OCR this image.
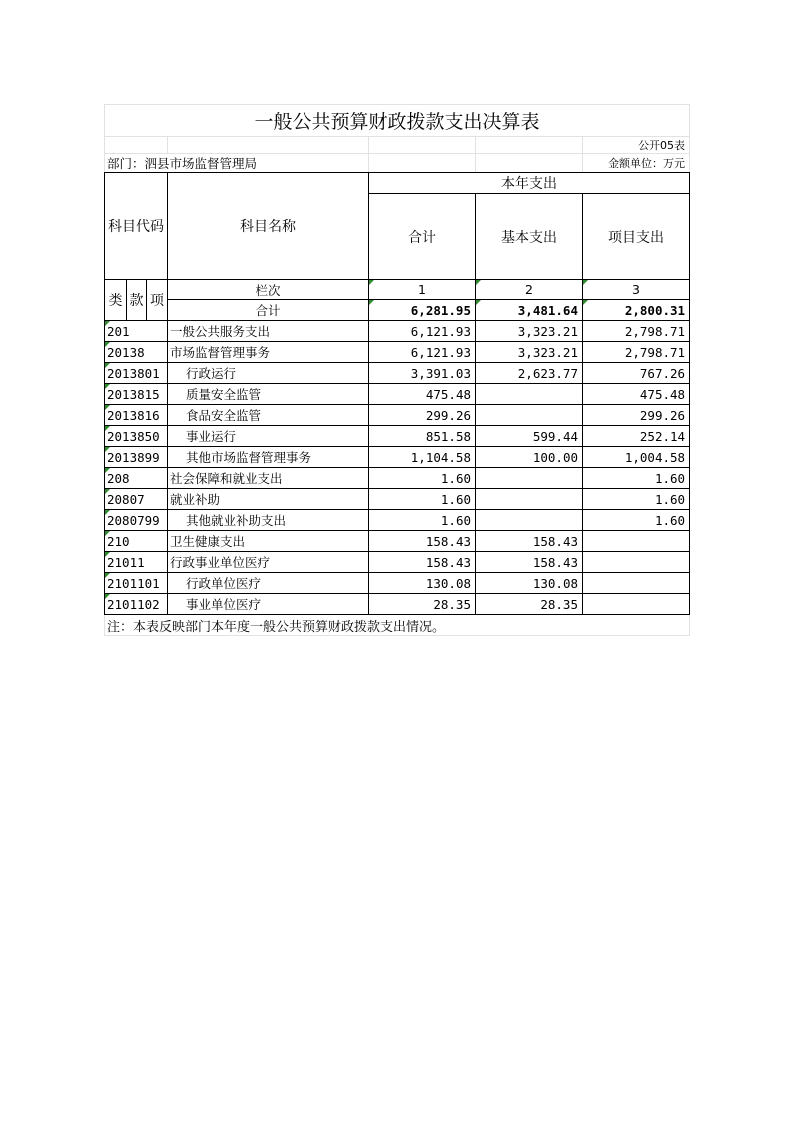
一般公共预算财政拨款支出决算表						
						公开05表
部门：泗县市场监督管理局						金额单位：万元
科目代码			科目名称	本年支出		
				合计	基本支出	项目支出
类	款	项	栏次	1	2	3
			合计	6,281.95	3,481.64	2,800.31
201			一般公共服务支出	6,121.93	3,323.21	2,798.71
20138			市场监督管理事务	6,121.93	3,323.21	2,798.71
2013801			行政运行	3,391.03	2,623.77	767.26
2013815			质量安全监管	475.48		475.48
2013816			食品安全监管	299.26		299.26
2013850			事业运行	851.58	599.44	252.14
2013899			其他市场监督管理事务	1,104.58	100.00	1,004.58
208			社会保障和就业支出	1.60		1.60
20807			就业补助	1.60		1.60
2080799			其他就业补助支出	1.60		1.60
210			卫生健康支出	158.43	158.43	
21011			行政事业单位医疗	158.43	158.43	
2101101			行政单位医疗	130.08	130.08	
2101102			事业单位医疗	28.35	28.35	
注：本表反映部门本年度一般公共预算财政拨款支出情况。						
